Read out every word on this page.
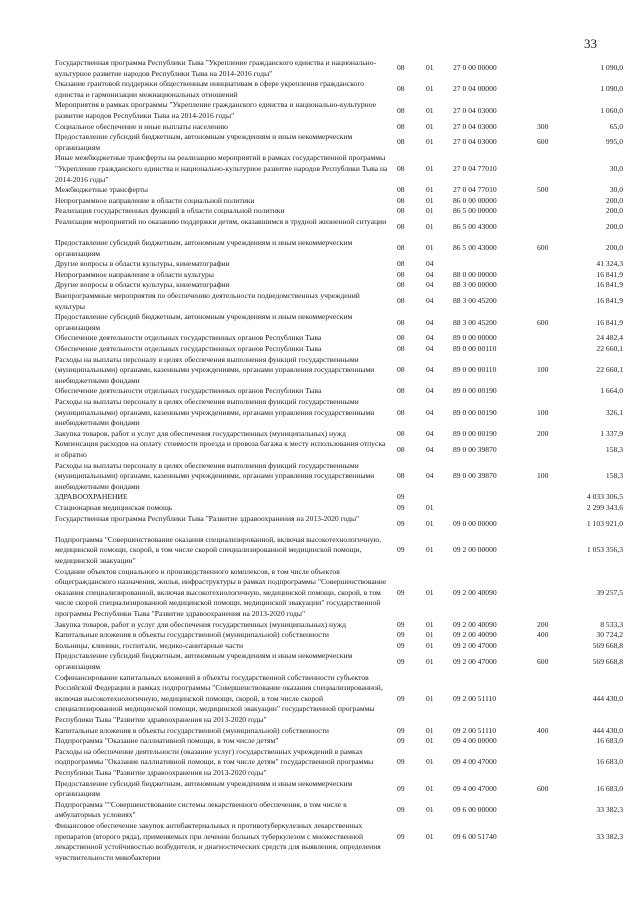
33
Государственная программа Республики Тыва "Укрепление гражданского единства и национально-культурное развитие народов Республики Тыва на 2014-2016 годы"
08	01	27 0 00 00000	1 090,0
Оказание грантовой поддержки общественным инициативам в сфере укрепления гражданского единства и гармонизации межнациональных отношений
08	01	27 0 04 00000	1 090,0
Мероприятия в рамках программы "Укрепление гражданского единства и национально-культурное развитие народов Республики Тыва на 2014-2016 годы"
08	01	27 0 04 03000	1 060,0
Социальное обеспечение и иные выплаты населению	08	01	27 0 04 03000	300	65,0
Предоставление субсидий бюджетным, автономным учреждениям и иным некоммерческим организациям
08	01	27 0 04 03000	600	995,0
Иные межбюджетные трансферты на реализацию мероприятий в рамках государственной программы "Укрепление гражданского единства и национально-культурное развитие народов Республики Тыва на 2014-2016 годы"
08	01	27 0 04 77010	30,0
Межбюджетные трансферты	08	01	27 0 04 77010	500	30,0
Непрограммное направление в области социальной политики	08	01	86 0 00 00000	200,0
Реализация государственных функций в области социальной политики	08	01	86 5 00 00000	200,0
Реализация мероприятий по оказанию поддержки детям, оказавшимся в трудной жизненной ситуации
08	01	86 5 00 43000	200,0
Предоставление субсидий бюджетным, автономным учреждениям и иным некоммерческим организациям
08	01	86 5 00 43000	600	200,0
Другие вопросы в области культуры, кинематографии	08	04	41 324,3
Непрограммное направление в области культуры	08	04	88 0 00 00000	16 841,9
Другие вопросы в области культуры, кинематографии	08	04	88 3 00 00000	16 841,9
Внепрограммные мероприятия по обеспечению деятельности подведомственных учреждений культуры
08	04	88 3 00 45200	16 841,9
Предоставление субсидий бюджетным, автономным учреждениям и иным некоммерческим организациям
08	04	88 3 00 45200	600	16 841,9
Обеспечение деятельности отдельных государственных органов Республики Тыва	08	04	89 0 00 00000	24 482,4
Обеспечение деятельности отдельных государственных органов Республики Тыва	08	04	89 0 00 00110	22 660,1
Расходы на выплаты персоналу в целях обеспечения выполнения функций государственными (муниципальными) органами, казенными учреждениями, органами управления государственными внебюджетными фондами
08	04	89 0 00 00110	100	22 660,1
Обеспечение деятельности отдельных государственных органов Республики Тыва	08	04	89 0 00 00190	1 664,0
Расходы на выплаты персоналу в целях обеспечения выполнения функций государственными (муниципальными) органами, казенными учреждениями, органами управления государственными внебюджетными фондами
08	04	89 0 00 00190	100	326,1
Закупка товаров, работ и услуг для обеспечения государственных (муниципальных) нужд	08	04	89 0 00 00190	200	1 337,9
Компенсация расходов на оплату стоимости проезда и провоза багажа к месту использования отпуска и обратно
08	04	89 0 00 39870	158,3
Расходы на выплаты персоналу в целях обеспечения выполнения функций государственными (муниципальными) органами, казенными учреждениями, органами управления государственными внебюджетными фондами
08	04	89 0 00 39870	100	158,3
ЗДРАВООХРАНЕНИЕ	09	4 033 306,5
Стационарная медицинская помощь	09	01	2 299 343,6
Государственная программа Республики Тыва "Развитие здравоохранения на 2013-2020 годы"
09	01	09 0 00 00000	1 103 921,0
Подпрограмма "Совершенствование оказания специализированной, включая высокотехнологичную, медицинской помощи, скорой, в том числе скорой специализированной медицинской помощи, медицинской эвакуации"
09	01	09 2 00 00000	1 053 356,3
Создание объектов социального и производственного комплексов, в том числе объектов общегражданского назначения, жилья, инфраструктуры в рамках подпрограммы "Совершенствование оказания специализированной, включая высокотехнологичную, медицинской помощи, скорой, в том числе скорой специализированной медицинской помощи, медицинской эвакуации" государственной программы Республики Тыва "Развитие здравоохранения на 2013-2020 годы"
09	01	09 2 00 40090	39 257,5
Закупка товаров, работ и услуг для обеспечения государственных (муниципальных) нужд	09	01	09 2 00 40090	200	8 533,3
Капитальные вложения в объекты государственной (муниципальной) собственности	09	01	09 2 00 40090	400	30 724,2
Больницы, клиники, госпитали, медико-санитарные части	09	01	09 2 00 47000	569 668,8
Предоставление субсидий бюджетным, автономным учреждениям и иным некоммерческим организациям
09	01	09 2 00 47000	600	569 668,8
Софинансирование капитальных вложений в объекты государственной собственности субъектов Российской Федерации в рамках подпрограммы "Совершенствование оказания специализированной, включая высокотехнологичную, медицинской помощи, скорой, в том числе скорой специализированной медицинской помощи, медицинской эвакуации" государственной программы Республики Тыва "Развитие здравоохранения на 2013-2020 годы"
09	01	09 2 00 51110	444 430,0
Капитальные вложения в объекты государственной (муниципальной) собственности	09	01	09 2 00 51110	400	444 430,0
Подпрограмма "Оказание паллиативной помощи, в том числе детям"	09	01	09 4 00 00000	16 683,0
Расходы на обеспечение деятельности (оказание услуг) государственных учреждений в рамках подпрограммы "Оказание паллиативной помощи, в том числе детям" государственной программы Республики Тыва "Развитие здравоохранения на 2013-2020 годы"
09	01	09 4 00 47000	16 683,0
Предоставление субсидий бюджетным, автономным учреждениям и иным некоммерческим организациям
09	01	09 4 00 47000	600	16 683,0
Подпрограмма ""Совершенствование системы лекарственного обеспечения, в том числе в амбулаторных условиях"
09	01	09 6 00 00000	33 382,3
Финансовое обеспечение закупок антибактериальных и противотуберкулезных лекарственных препаратов (второго ряда), применяемых при лечении больных туберкулезом с множественной лекарственной устойчивостью возбудителя, и диагностических средств для выявления, определения чувствительности микобактерии
09	01	09 6 00 51740	33 382,3
